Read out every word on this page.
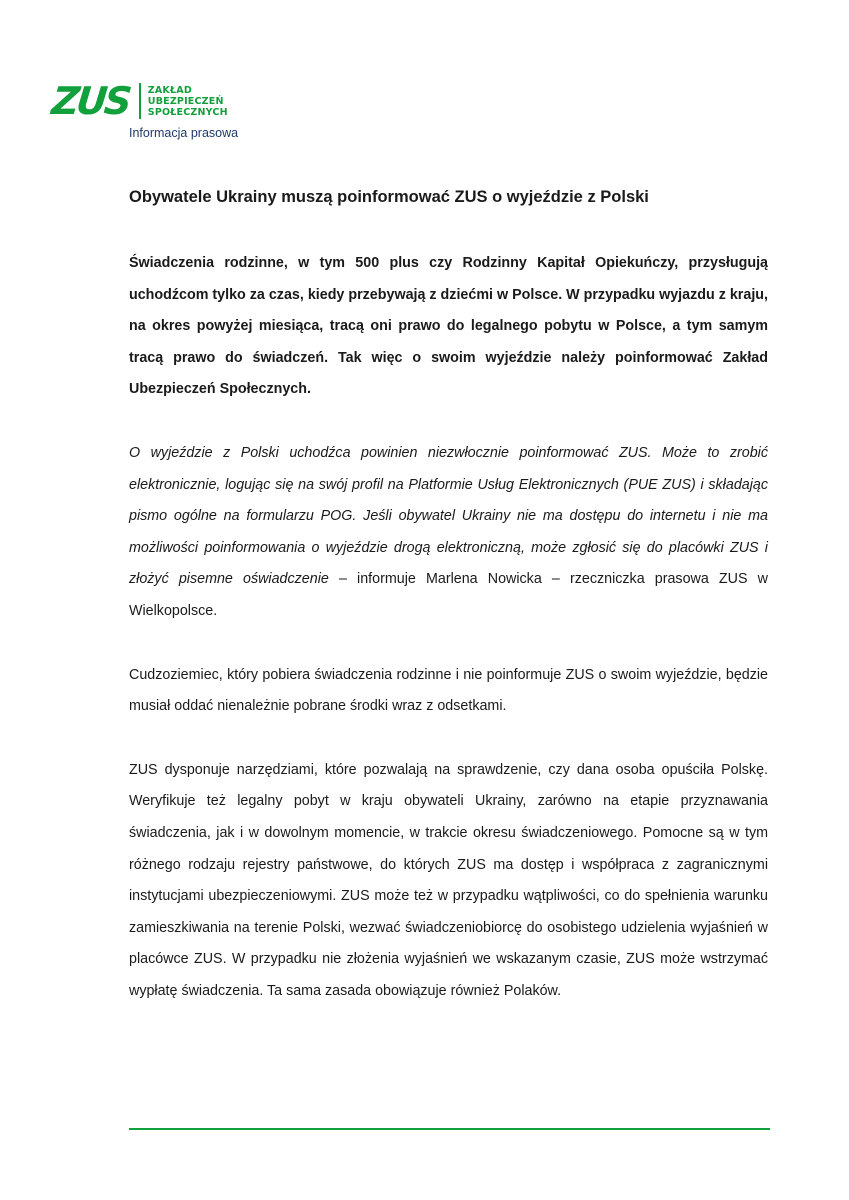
ZUS ZAKŁAD
UBEZPIECZEŃ
SPOŁECZNYCH
Informacja prasowa
Obywatele Ukrainy muszą poinformować ZUS o wyjeździe z Polski

Świadczenia rodzinne, w tym 500 plus czy Rodzinny Kapitał Opiekuńczy, przysługują uchodźcom tylko za czas, kiedy przebywają z dziećmi w Polsce. W przypadku wyjazdu z kraju, na okres powyżej miesiąca, tracą oni prawo do legalnego pobytu w Polsce, a tym samym tracą prawo do świadczeń. Tak więc o swoim wyjeździe należy poinformować Zakład Ubezpieczeń Społecznych.

O wyjeździe z Polski uchodźca powinien niezwłocznie poinformować ZUS. Może to zrobić elektronicznie, logując się na swój profil na Platformie Usług Elektronicznych (PUE ZUS) i składając pismo ogólne na formularzu POG. Jeśli obywatel Ukrainy nie ma dostępu do internetu i nie ma możliwości poinformowania o wyjeździe drogą elektroniczną, może zgłosić się do placówki ZUS i złożyć pisemne oświadczenie – informuje Marlena Nowicka – rzeczniczka prasowa ZUS w Wielkopolsce.

Cudzoziemiec, który pobiera świadczenia rodzinne i nie poinformuje ZUS o swoim wyjeździe, będzie musiał oddać nienależnie pobrane środki wraz z odsetkami.

ZUS dysponuje narzędziami, które pozwalają na sprawdzenie, czy dana osoba opuściła Polskę. Weryfikuje też legalny pobyt w kraju obywateli Ukrainy, zarówno na etapie przyznawania świadczenia, jak i w dowolnym momencie, w trakcie okresu świadczeniowego. Pomocne są w tym różnego rodzaju rejestry państwowe, do których ZUS ma dostęp i współpraca z zagranicznymi instytucjami ubezpieczeniowymi. ZUS może też w przypadku wątpliwości, co do spełnienia warunku zamieszkiwania na terenie Polski, wezwać świadczeniobiorcę do osobistego udzielenia wyjaśnień w placówce ZUS. W przypadku nie złożenia wyjaśnień we wskazanym czasie, ZUS może wstrzymać wypłatę świadczenia. Ta sama zasada obowiązuje również Polaków.
